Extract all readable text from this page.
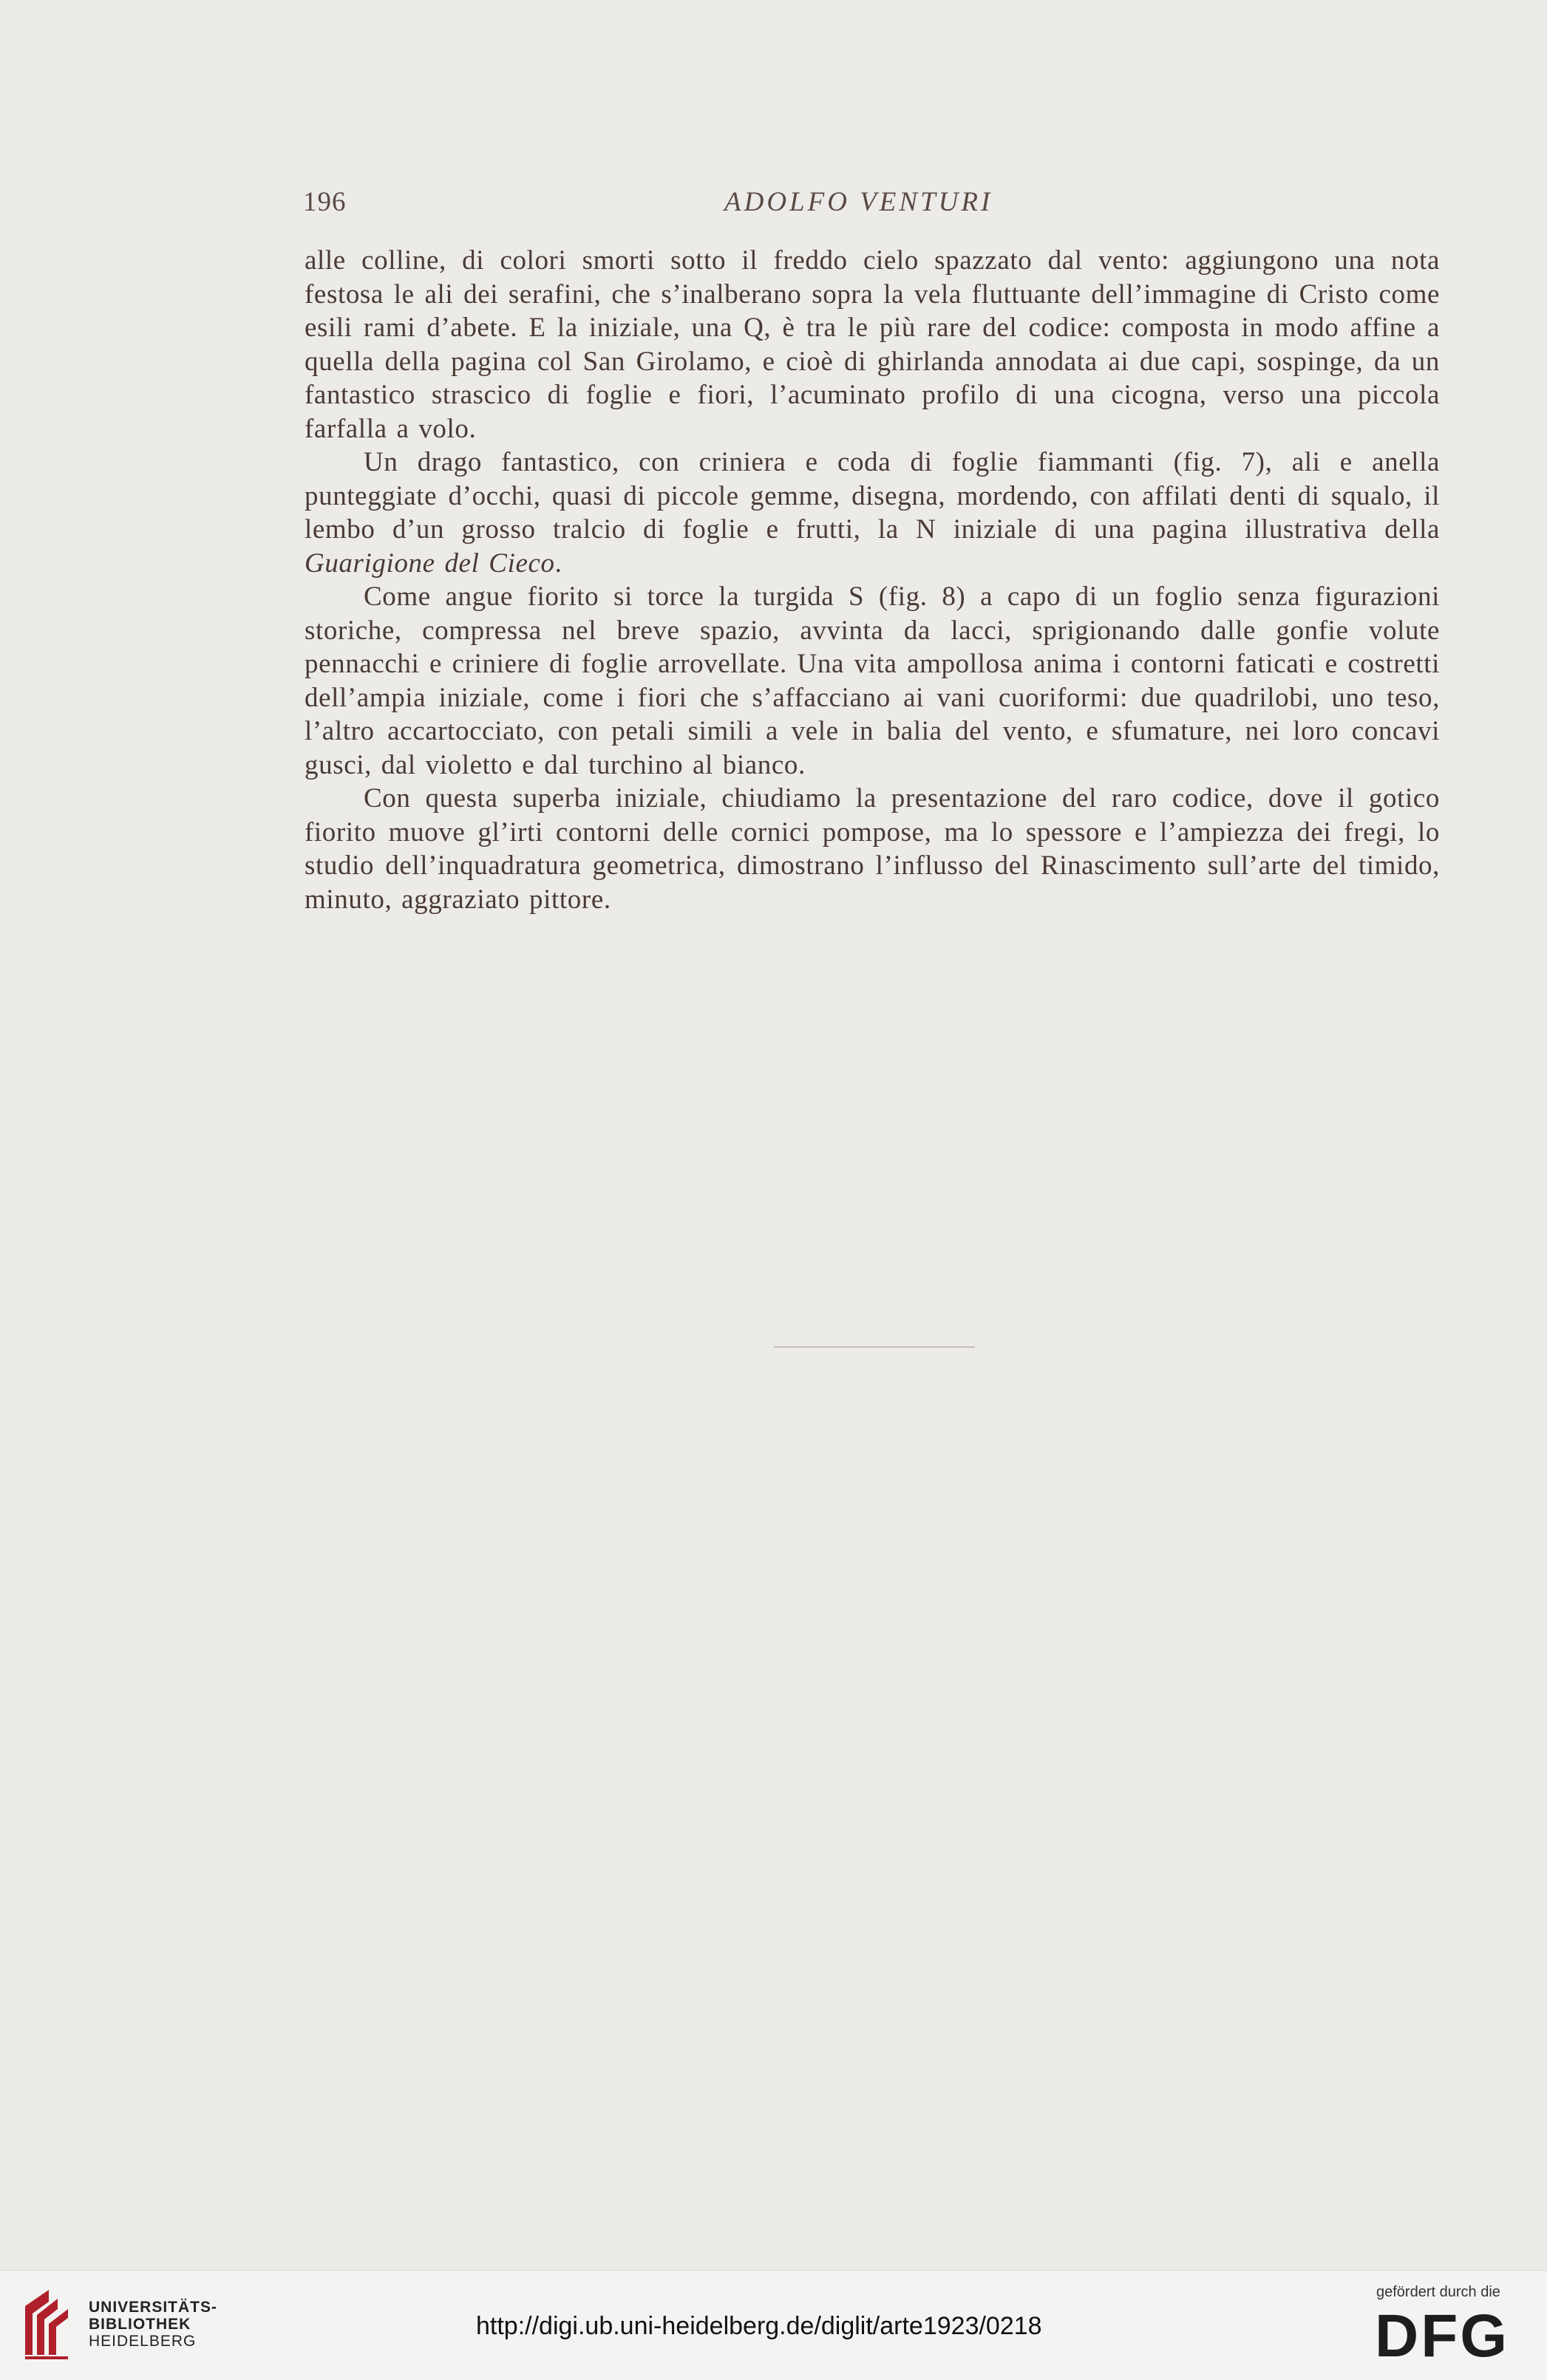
196	ADOLFO VENTURI

alle colline, di colori smorti sotto il freddo cielo spazzato dal vento: aggiungono una nota festosa le ali dei serafini, che s’inalberano sopra la vela fluttuante dell’immagine di Cristo come esili rami d’abete. E la iniziale, una Q, è tra le più rare del codice: composta in modo affine a quella della pagina col San Girolamo, e cioè di ghirlanda annodata ai due capi, sospinge, da un fantastico strascico di foglie e fiori, l’acuminato profilo di una cicogna, verso una piccola farfalla a volo.

Un drago fantastico, con criniera e coda di foglie fiammanti (fig. 7), ali e anella punteggiate d’occhi, quasi di piccole gemme, disegna, mordendo, con affilati denti di squalo, il lembo d’un grosso tralcio di foglie e frutti, la N iniziale di una pagina illustrativa della Guarigione del Cieco.

Come angue fiorito si torce la turgida S (fig. 8) a capo di un foglio senza figurazioni storiche, compressa nel breve spazio, avvinta da lacci, sprigionando dalle gonfie volute pennacchi e criniere di foglie arrovellate. Una vita ampollosa anima i contorni faticati e costretti dell’ampia iniziale, come i fiori che s’affacciano ai vani cuoriformi: due quadrilobi, uno teso, l’altro accartocciato, con petali simili a vele in balia del vento, e sfumature, nei loro concavi gusci, dal violetto e dal turchino al bianco.

Con questa superba iniziale, chiudiamo la presentazione del raro codice, dove il gotico fiorito muove gl’irti contorni delle cornici pompose, ma lo spessore e l’ampiezza dei fregi, lo studio dell’inquadratura geometrica, dimostrano l’influsso del Rinascimento sull’arte del timido, minuto, aggraziato pittore.

UNIVERSITÄTS-
BIBLIOTHEK
HEIDELBERG
http://digi.ub.uni-heidelberg.de/diglit/arte1923/0218
gefördert durch die
DFG
